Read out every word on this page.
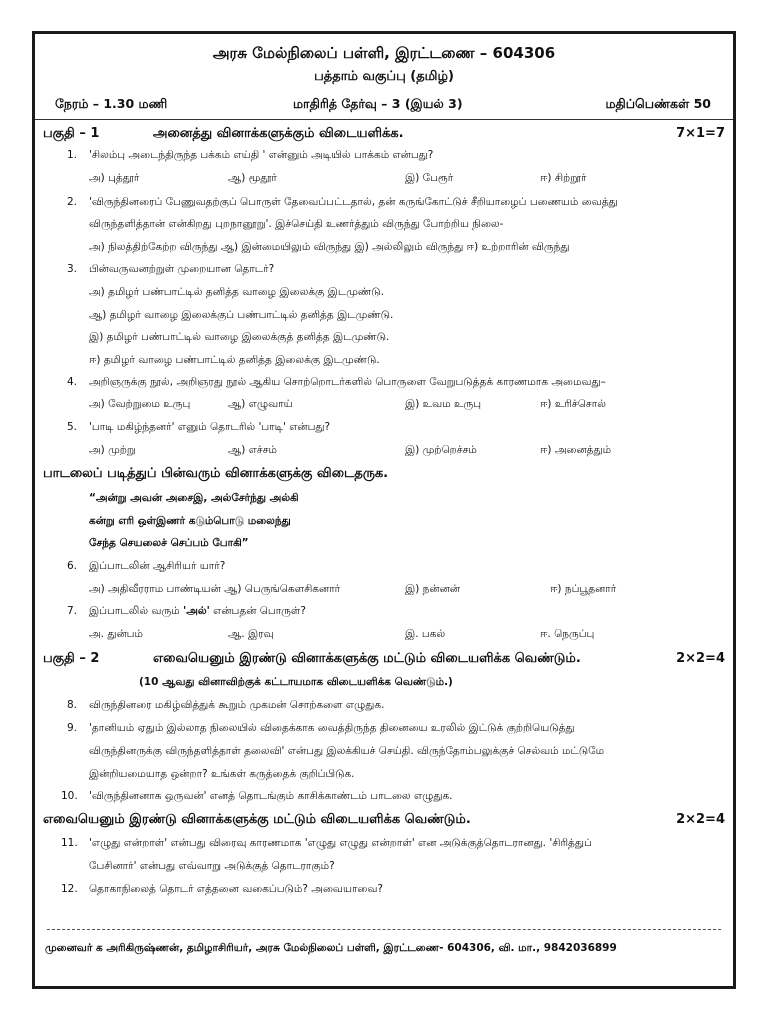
அரசு மேல்நிலைப் பள்ளி, இரட்டணை – 604306
பத்தாம் வகுப்பு (தமிழ்)
நேரம் – 1.30 மணி	மாதிரித் தேர்வு – 3 (இயல் 3)	மதிப்பெண்கள் 50
பகுதி – 1	அனைத்து வினாக்களுக்கும் விடையளிக்க.	7×1=7
1. 'சிலம்பு அடைந்திருந்த பக்கம் எய்தி ' என்னும் அடியில் பாக்கம் என்பது?
அ) புத்தூர்	ஆ) மூதூர்	இ) பேரூர்	ஈ) சிற்றூர்
2. 'விருந்தினரைப் பேணுவதற்குப் பொருள் தேவைப்பட்டதால், தன் கருங்கோட்டுச் சீறியாழைப் பணையம் வைத்து
விருந்தளித்தான் என்கிறது புறநானூறு'. இச்செய்தி உணர்த்தும் விருந்து போற்றிய நிலை-
அ) நிலத்திற்கேற்ற விருந்து ஆ) இன்மையிலும் விருந்து இ) அல்லிலும் விருந்து ஈ) உற்றாரின் விருந்து
3. பின்வருவனற்றுள் முறையான தொடர்?
அ) தமிழர் பண்பாட்டில் தனித்த வாழை இலைக்கு இடமுண்டு.
ஆ) தமிழர் வாழை இலைக்குப் பண்பாட்டில் தனித்த இடமுண்டு.
இ) தமிழர் பண்பாட்டில் வாழை இலைக்குத் தனித்த இடமுண்டு.
ஈ) தமிழர் வாழை பண்பாட்டில் தனித்த இலைக்கு இடமுண்டு.
4. அறிஞருக்கு நூல், அறிஞரது நூல் ஆகிய சொற்றொடர்களில் பொருளை வேறுபடுத்தக் காரணமாக அமைவது–
அ) வேற்றுமை உருபு	ஆ) எழுவாய்	இ) உவம உருபு	ஈ) உரிச்சொல்
5. 'பாடி மகிழ்ந்தனர்' எனும் தொடரில் 'பாடி' என்பது?
அ) முற்று	ஆ) எச்சம்	இ) முற்றெச்சம்	ஈ) அனைத்தும்
பாடலைப் படித்துப் பின்வரும் வினாக்களுக்கு விடைதருக.
“அன்று அவன் அசைஇ, அல்சேர்ந்து அல்கி
கன்று எரி ஒள்இணர் கடும்பொடு மலைந்து
சேந்த செயலைச் செப்பம் போகி”
6. இப்பாடலின் ஆசிரியர் யார்?
அ) அதிவீரராம பாண்டியன் ஆ) பெருங்கௌசிகனார்	இ) நன்னன்	ஈ) நப்பூதனார்
7. இப்பாடலில் வரும் 'அல்' என்பதன் பொருள்?
அ. துன்பம்	ஆ. இரவு	இ. பகல்	ஈ. நெருப்பு
பகுதி – 2	எவையெனும் இரண்டு வினாக்களுக்கு மட்டும் விடையளிக்க வெண்டும்.	2×2=4
(10 ஆவது வினாவிற்குக் கட்டாயமாக விடையளிக்க வெண்டும்.)
8. விருந்தினரை மகிழ்வித்துக் கூறும் முகமன் சொற்களை எழுதுக.
9. 'தானியம் ஏதும் இல்லாத நிலையில் விதைக்காக வைத்திருந்த தினையை உரலில் இட்டுக் குற்றியெடுத்து
விருந்தினருக்கு விருந்தளித்தாள் தலைவி' என்பது இலக்கியச் செய்தி. விருந்தோம்பலுக்குச் செல்வம் மட்டுமே
இன்றியமையாத ஒன்றா? உங்கள் கருத்தைக் குறிப்பிடுக.
10. 'விருந்தினனாக ஒருவன்' எனத் தொடங்கும் காசிக்காண்டம் பாடலை எழுதுக.
எவையெனும் இரண்டு வினாக்களுக்கு மட்டும் விடையளிக்க வெண்டும்.	2×2=4
11. 'எழுது என்றாள்' என்பது விரைவு காரணமாக 'எழுது எழுது என்றாள்' என அடுக்குத்தொடரானது. 'சிரித்துப்
பேசினார்' என்பது எவ்வாறு அடுக்குத் தொடராகும்?
12. தொகாநிலைத் தொடர் எத்தனை வகைப்படும்? அவையாவை?
முனைவர் க அரிகிருஷ்ணன், தமிழாசிரியர், அரசு மேல்நிலைப் பள்ளி, இரட்டணை- 604306, வி. மா., 9842036899
